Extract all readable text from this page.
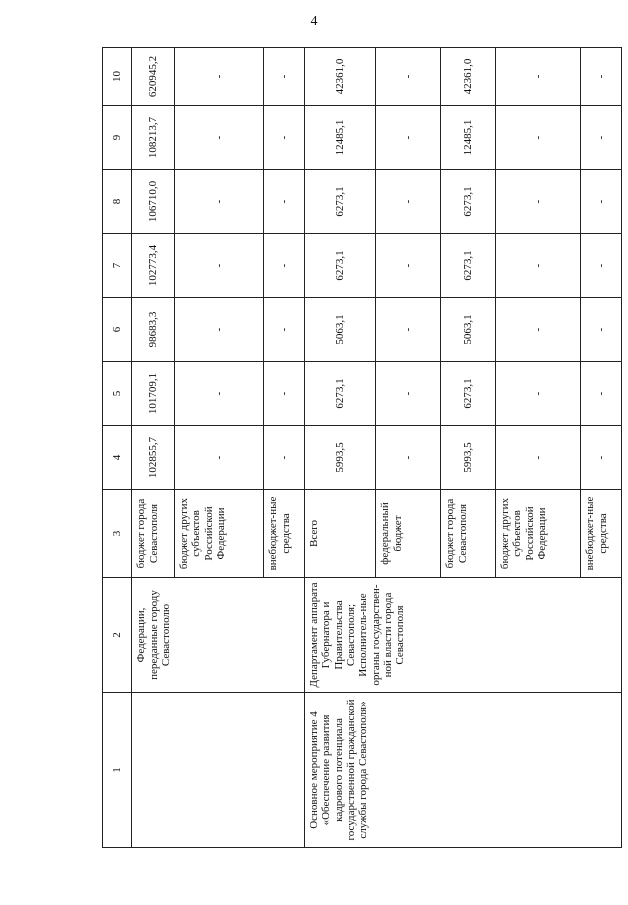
4
1	2	3	4	5	6	7	8	9	10
	Федерации, переданные городу Севастополю	бюджет города Севастополя	102855,7	101709,1	98683,3	102773,4	106710,0	108213,7	620945,2
		бюджет других субъектов Российской Федерации	-	-	-	-	-	-	-
		внебюджет-ные средства	-	-	-	-	-	-	-
Основное мероприятие 4 «Обеспечение развития кадрового потенциала государственной гражданской службы города Севастополя»	Департамент аппарата Губернатора и Правительства Севастополя; Исполнитель-ные органы государствен-ной власти города Севастополя	Всего	5993,5	6273,1	5063,1	6273,1	6273,1	12485,1	42361,0
		федеральный бюджет	-	-	-	-	-	-	-
		бюджет города Севастополя	5993,5	6273,1	5063,1	6273,1	6273,1	12485,1	42361,0
		бюджет других субъектов Российской Федерации	-	-	-	-	-	-	-
		внебюджет-ные средства	-	-	-	-	-	-	-
